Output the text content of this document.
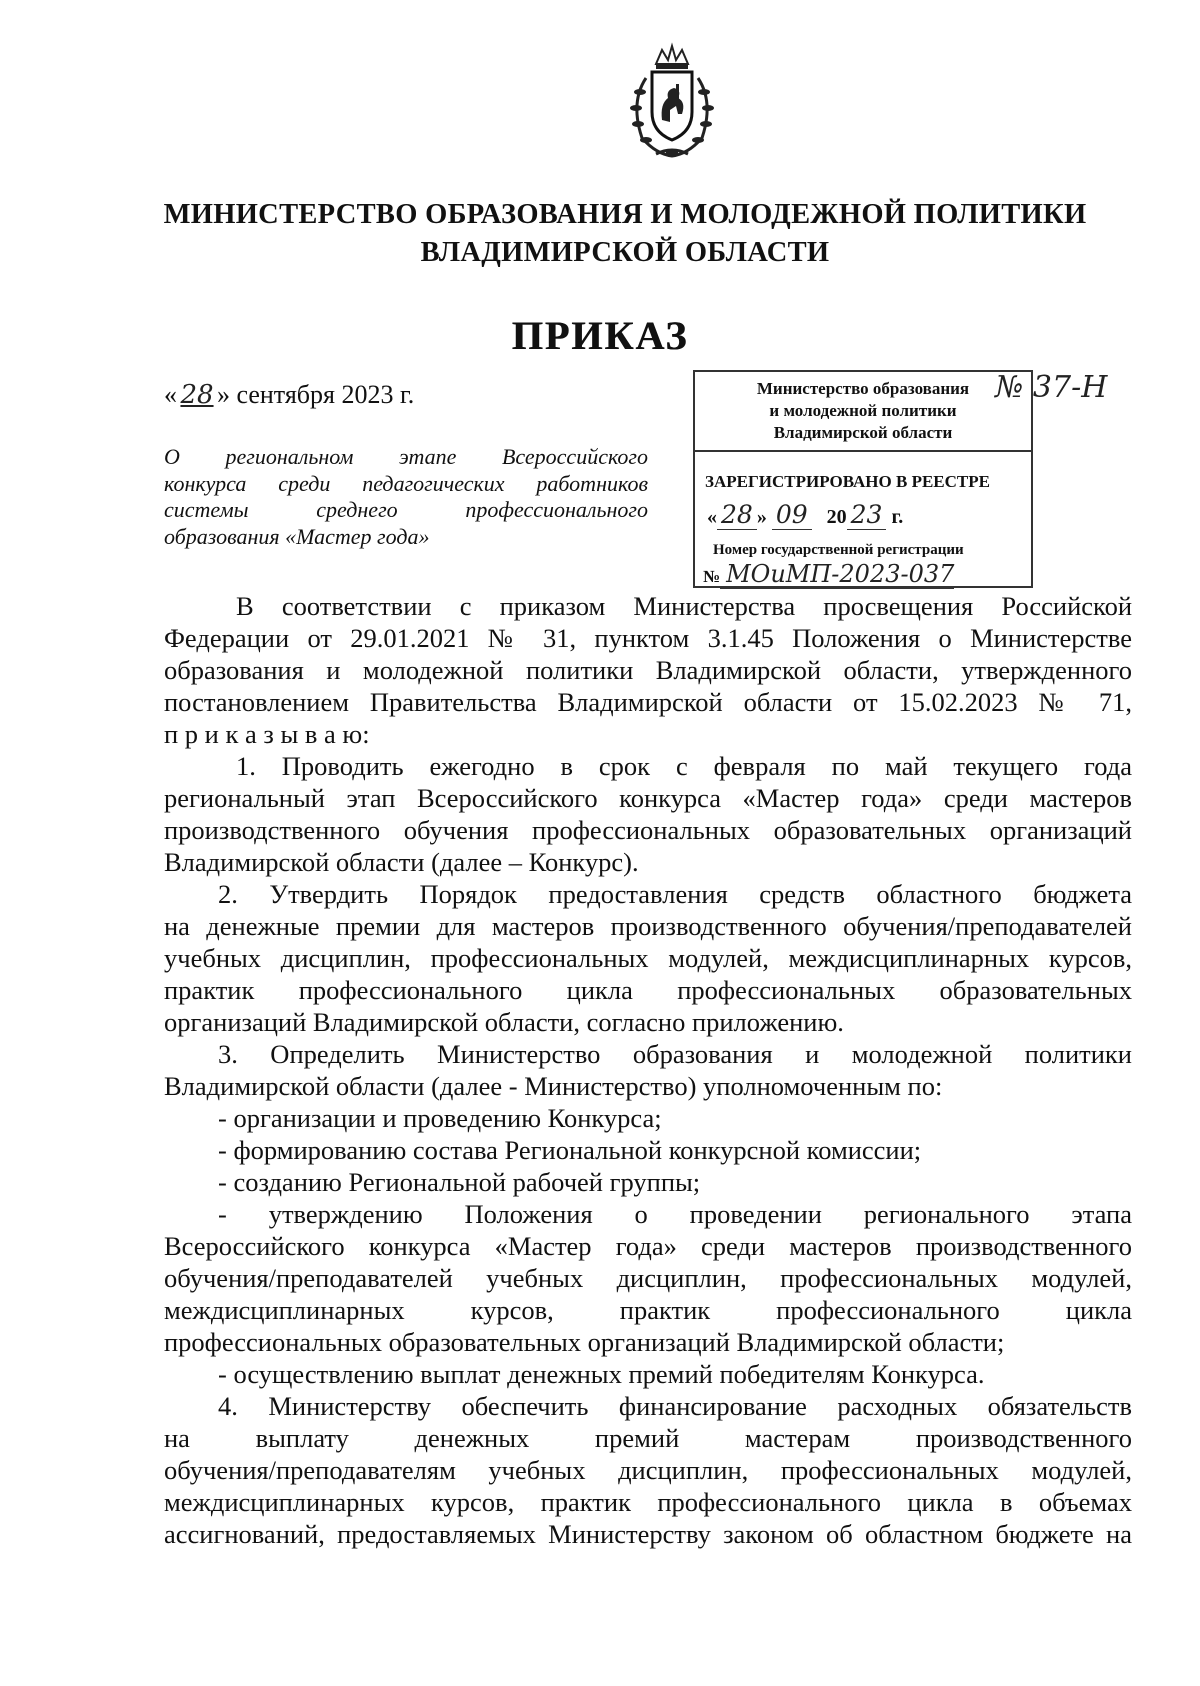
МИНИСТЕРСТВО ОБРАЗОВАНИЯ И МОЛОДЕЖНОЙ ПОЛИТИКИ
ВЛАДИМИРСКОЙ ОБЛАСТИ
ПРИКАЗ
« 28 » сентября 2023 г.
О региональном этапе Всероссийского
конкурса среди педагогических работников
системы среднего профессионального
образования «Мастер года»
Министерство образования
и молодежной политики
Владимирской области
ЗАРЕГИСТРИРОВАНО В РЕЕСТРЕ
« 28 » 09 20 23 г.
Номер государственной регистрации
№ МОиМП-2023-037
№ 37-Н
В соответствии с приказом Министерства просвещения Российской
Федерации от 29.01.2021 № 31, пунктом 3.1.45 Положения о Министерстве
образования и молодежной политики Владимирской области, утвержденного
постановлением Правительства Владимирской области от 15.02.2023 № 71,
п р и к а з ы в а ю:
1. Проводить ежегодно в срок с февраля по май текущего года
региональный этап Всероссийского конкурса «Мастер года» среди мастеров
производственного обучения профессиональных образовательных организаций
Владимирской области (далее – Конкурс).
2. Утвердить Порядок предоставления средств областного бюджета
на денежные премии для мастеров производственного обучения/преподавателей
учебных дисциплин, профессиональных модулей, междисциплинарных курсов,
практик профессионального цикла профессиональных образовательных
организаций Владимирской области, согласно приложению.
3. Определить Министерство образования и молодежной политики
Владимирской области (далее - Министерство) уполномоченным по:
- организации и проведению Конкурса;
- формированию состава Региональной конкурсной комиссии;
- созданию Региональной рабочей группы;
- утверждению Положения о проведении регионального этапа
Всероссийского конкурса «Мастер года» среди мастеров производственного
обучения/преподавателей учебных дисциплин, профессиональных модулей,
междисциплинарных курсов, практик профессионального цикла
профессиональных образовательных организаций Владимирской области;
- осуществлению выплат денежных премий победителям Конкурса.
4. Министерству обеспечить финансирование расходных обязательств
на выплату денежных премий мастерам производственного
обучения/преподавателям учебных дисциплин, профессиональных модулей,
междисциплинарных курсов, практик профессионального цикла в объемах
ассигнований, предоставляемых Министерству законом об областном бюджете на
